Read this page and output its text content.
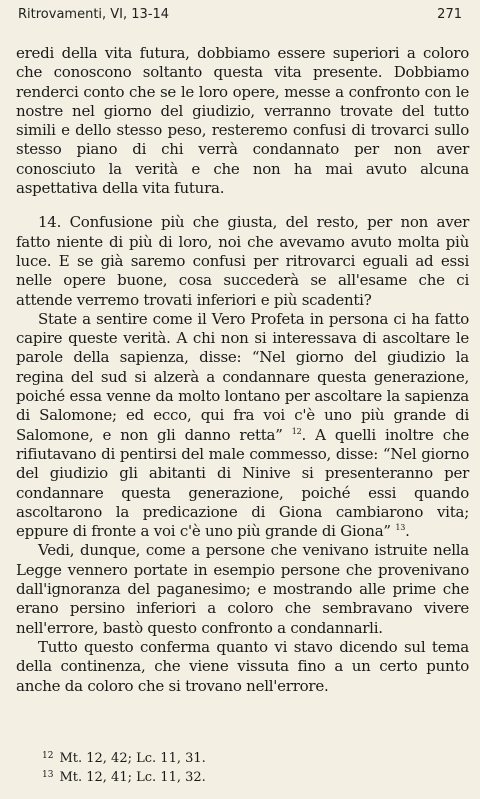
Ritrovamenti, VI, 13-14	271

eredi della vita futura, dobbiamo essere superiori a coloro che conoscono soltanto questa vita presente. Dobbiamo renderci conto che se le loro opere, messe a confronto con le nostre nel giorno del giudizio, verranno trovate del tutto simili e dello stesso peso, resteremo confusi di trovarci sullo stesso piano di chi verrà condannato per non aver conosciuto la verità e che non ha mai avuto alcuna aspettativa della vita futura.

14. Confusione più che giusta, del resto, per non aver fatto niente di più di loro, noi che avevamo avuto molta più luce. E se già saremo confusi per ritrovarci eguali ad essi nelle opere buone, cosa succederà se all'esame che ci attende verremo trovati inferiori e più scadenti?

State a sentire come il Vero Profeta in persona ci ha fatto capire queste verità. A chi non si interessava di ascoltare le parole della sapienza, disse: “Nel giorno del giudizio la regina del sud si alzerà a condannare questa generazione, poiché essa venne da molto lontano per ascoltare la sapienza di Salomone; ed ecco, qui fra voi c'è uno più grande di Salomone, e non gli danno retta” $^{12}$. A quelli inoltre che rifiutavano di pentirsi del male commesso, disse: “Nel giorno del giudizio gli abitanti di Ninive si presenteranno per condannare questa generazione, poiché essi quando ascoltarono la predicazione di Giona cambiarono vita; eppure di fronte a voi c'è uno più grande di Giona” $^{13}$.

Vedi, dunque, come a persone che venivano istruite nella Legge vennero portate in esempio persone che provenivano dall'ignoranza del paganesimo; e mostrando alle prime che erano persino inferiori a coloro che sembravano vivere nell'errore, bastò questo confronto a condannarli.

Tutto questo conferma quanto vi stavo dicendo sul tema della continenza, che viene vissuta fino a un certo punto anche da coloro che si trovano nell'errore.

$^{12}$ Mt. 12, 42; Lc. 11, 31.
$^{13}$ Mt. 12, 41; Lc. 11, 32.
